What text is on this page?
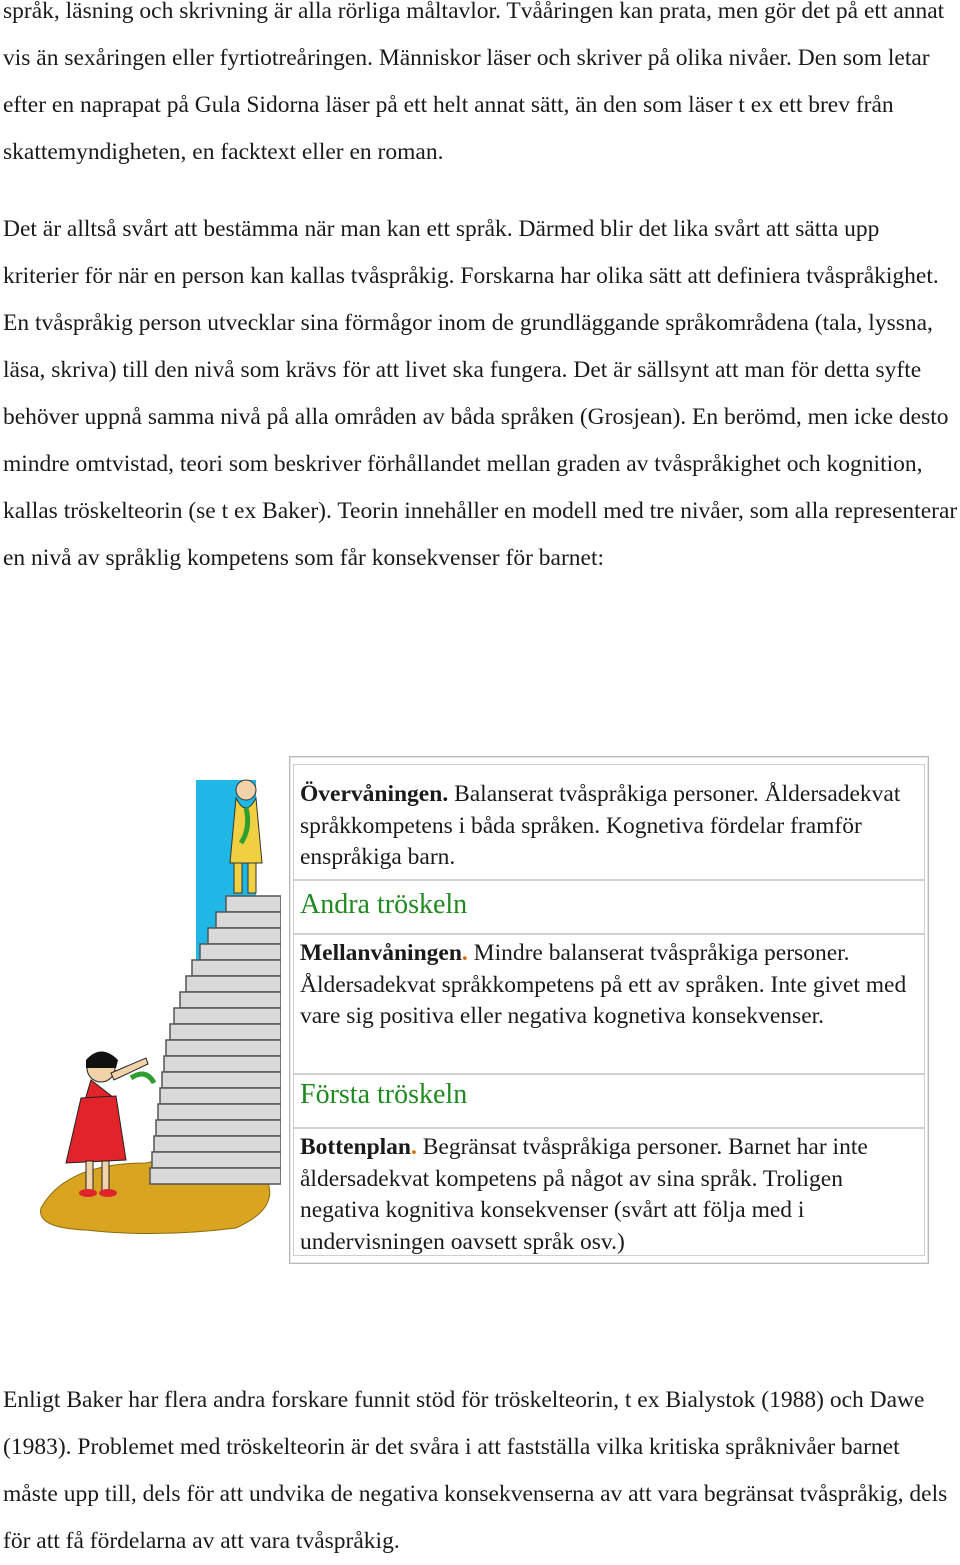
språk, läsning och skrivning är alla rörliga måltavlor. Tvååringen kan prata, men gör det på ett annat vis än sexåringen eller fyrtiotreåringen. Människor läser och skriver på olika nivåer. Den som letar efter en naprapat på Gula Sidorna läser på ett helt annat sätt, än den som läser t ex ett brev från skattemyndigheten, en facktext eller en roman.

Det är alltså svårt att bestämma när man kan ett språk. Därmed blir det lika svårt att sätta upp kriterier för när en person kan kallas tvåspråkig. Forskarna har olika sätt att definiera tvåspråkighet. En tvåspråkig person utvecklar sina förmågor inom de grundläggande språkområdena (tala, lyssna, läsa, skriva) till den nivå som krävs för att livet ska fungera. Det är sällsynt att man för detta syfte behöver uppnå samma nivå på alla områden av båda språken (Grosjean). En berömd, men icke desto mindre omtvistad, teori som beskriver förhållandet mellan graden av tvåspråkighet och kognition, kallas tröskelteorin (se t ex Baker). Teorin innehåller en modell med tre nivåer, som alla representerar en nivå av språklig kompetens som får konsekvenser för barnet:

Övervåningen. Balanserat tvåspråkiga personer. Åldersadekvat språkkompetens i båda språken. Kognetiva fördelar framför enspråkiga barn.
Andra tröskeln
Mellanvåningen. Mindre balanserat tvåspråkiga personer. Åldersadekvat språkkompetens på ett av språken. Inte givet med vare sig positiva eller negativa kognetiva konsekvenser.
Första tröskeln
Bottenplan. Begränsat tvåspråkiga personer. Barnet har inte åldersadekvat kompetens på något av sina språk. Troligen negativa kognitiva konsekvenser (svårt att följa med i undervisningen oavsett språk osv.)

Enligt Baker har flera andra forskare funnit stöd för tröskelteorin, t ex Bialystok (1988) och Dawe (1983). Problemet med tröskelteorin är det svåra i att fastställa vilka kritiska språknivåer barnet måste upp till, dels för att undvika de negativa konsekvenserna av att vara begränsat tvåspråkig, dels för att få fördelarna av att vara tvåspråkig.
